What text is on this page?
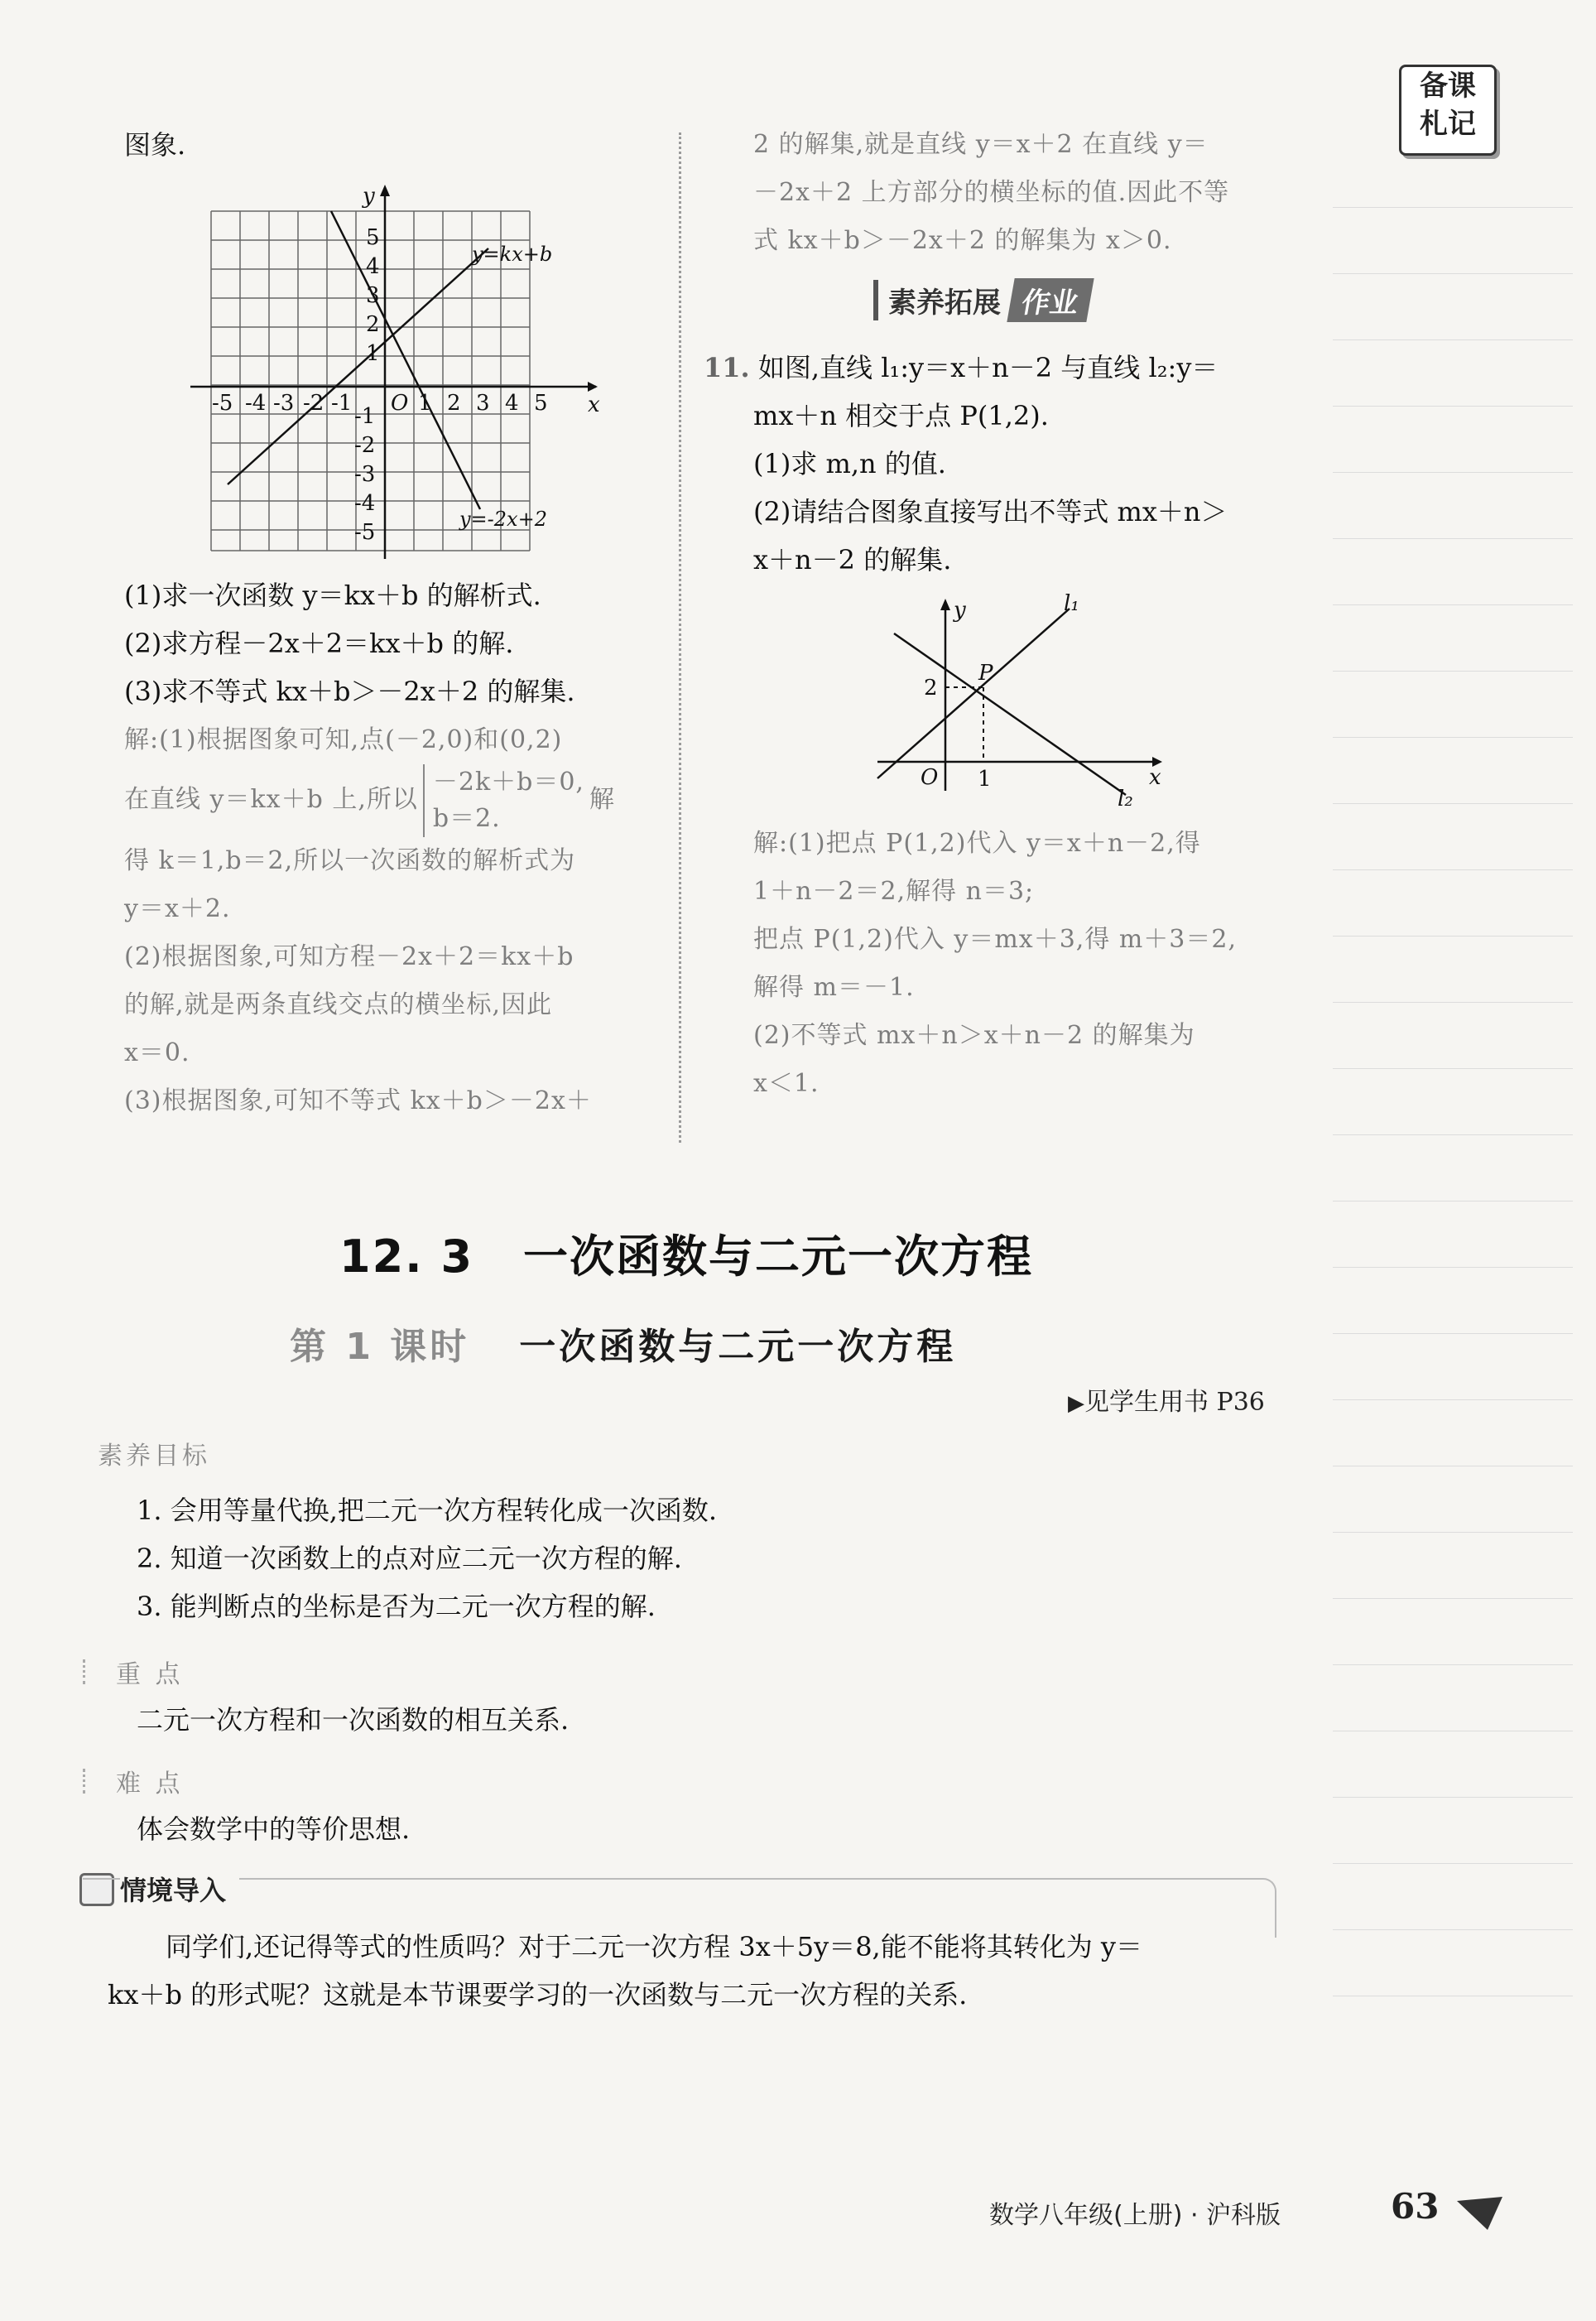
备课
札记
图象.
y
x
O
-5 -4 -3 -2 -1	1 2 3 4 5
5
4
3
2
1
-1
-2
-3
-4
-5
y=kx+b
y=-2x+2
(1)求一次函数 y＝kx＋b 的解析式.
(2)求方程－2x＋2＝kx＋b 的解.
(3)求不等式 kx＋b＞－2x＋2 的解集.
解:(1)根据图象可知,点(－2,0)和(0,2)
在直线 y＝kx＋b 上,所以
－2k＋b＝0,
b＝2.
解
得 k＝1,b＝2,所以一次函数的解析式为
y＝x＋2.
(2)根据图象,可知方程－2x＋2＝kx＋b
的解,就是两条直线交点的横坐标,因此
x＝0.
(3)根据图象,可知不等式 kx＋b＞－2x＋
2 的解集,就是直线 y＝x＋2 在直线 y＝
－2x＋2 上方部分的横坐标的值.因此不等
式 kx＋b＞－2x＋2 的解集为 x＞0.
素养拓展 作业
11. 如图,直线 l₁:y＝x＋n－2 与直线 l₂:y＝
mx＋n 相交于点 P(1,2).
(1)求 m,n 的值.
(2)请结合图象直接写出不等式 mx＋n＞
x＋n－2 的解集.
y
x
O
P
l₁
l₂
1
2
解:(1)把点 P(1,2)代入 y＝x＋n－2,得
1＋n－2＝2,解得 n＝3;
把点 P(1,2)代入 y＝mx＋3,得 m＋3＝2,
解得 m＝－1.
(2)不等式 mx＋n＞x＋n－2 的解集为
x＜1.
12. 3 一次函数与二元一次方程
第 1 课时 一次函数与二元一次方程
▶见学生用书 P36
素养目标
1. 会用等量代换,把二元一次方程转化成一次函数.
2. 知道一次函数上的点对应二元一次方程的解.
3. 能判断点的坐标是否为二元一次方程的解.
重 点
二元一次方程和一次函数的相互关系.
难 点
体会数学中的等价思想.
情境导入
同学们,还记得等式的性质吗？对于二元一次方程 3x＋5y＝8,能不能将其转化为 y＝
kx＋b 的形式呢？这就是本节课要学习的一次函数与二元一次方程的关系.
数学八年级(上册) · 沪科版	63
